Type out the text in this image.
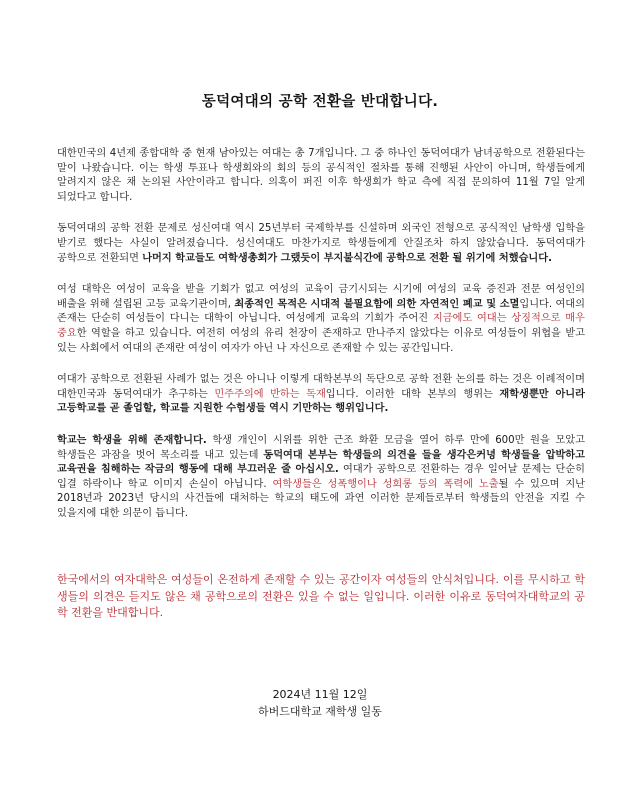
동덕여대의 공학 전환을 반대합니다.

대한민국의 4년제 종합대학 중 현재 남아있는 여대는 총 7개입니다. 그 중 하나인 동덕여대가 남녀공학으로 전환된다는 말이 나왔습니다. 이는 학생 투표나 학생회와의 회의 등의 공식적인 절차를 통해 진행된 사안이 아니며, 학생들에게 알려지지 않은 채 논의된 사안이라고 합니다. 의혹이 퍼진 이후 학생회가 학교 측에 직접 문의하여 11월 7일 알게 되었다고 합니다.

동덕여대의 공학 전환 문제로 성신여대 역시 25년부터 국제학부를 신설하며 외국인 전형으로 공식적인 남학생 입학을 받기로 했다는 사실이 알려졌습니다. 성신여대도 마찬가지로 학생들에게 안질조차 하지 않았습니다. 동덕여대가 공학으로 전환되면 나머지 학교들도 여학생총회가 그랬듯이 부지불식간에 공학으로 전환 될 위기에 처했습니다.

여성 대학은 여성이 교육을 받을 기회가 없고 여성의 교육이 금기시되는 시기에 여성의 교육 증진과 전문 여성인의 배출을 위해 설립된 고등 교육기관이며, 최종적인 목적은 시대적 불필요함에 의한 자연적인 폐교 및 소멸입니다. 여대의 존재는 단순히 여성들이 다니는 대학이 아닙니다. 여성에게 교육의 기회가 주어진 지금에도 여대는 상징적으로 매우 중요한 역할을 하고 있습니다. 여전히 여성의 유리 천장이 존재하고 만나주지 않았다는 이유로 여성들이 위협을 받고 있는 사회에서 여대의 존재란 여성이 여자가 아닌 나 자신으로 존재할 수 있는 공간입니다.

여대가 공학으로 전환된 사례가 없는 것은 아니나 이렇게 대학본부의 독단으로 공학 전환 논의를 하는 것은 이례적이며 대한민국과 동덕여대가 추구하는 민주주의에 반하는 독재입니다. 이러한 대학 본부의 행위는 재학생뿐만 아니라 고등학교를 곧 졸업할, 학교를 지원한 수험생들 역시 기만하는 행위입니다.

학교는 학생을 위해 존재합니다. 학생 개인이 시위를 위한 근조 화환 모금을 열어 하루 만에 600만 원을 모았고 학생들은 과잠을 벗어 목소리를 내고 있는데 동덕여대 본부는 학생들의 의견을 들을 생각은커녕 학생들을 압박하고 교육권을 침해하는 작금의 행동에 대해 부끄러운 줄 아십시오. 여대가 공학으로 전환하는 경우 일어날 문제는 단순히 입결 하락이나 학교 이미지 손실이 아닙니다. 여학생들은 성폭행이나 성희롱 등의 폭력에 노출될 수 있으며 지난 2018년과 2023년 당시의 사건들에 대처하는 학교의 태도에 과연 이러한 문제들로부터 학생들의 안전을 지킬 수 있을지에 대한 의문이 듭니다.

한국에서의 여자대학은 여성들이 온전하게 존재할 수 있는 공간이자 여성들의 안식처입니다. 이를 무시하고 학생들의 의견은 듣지도 않은 채 공학으로의 전환은 있을 수 없는 일입니다. 이러한 이유로 동덕여자대학교의 공학 전환을 반대합니다.

2024년 11월 12일
하버드대학교 재학생 일동
